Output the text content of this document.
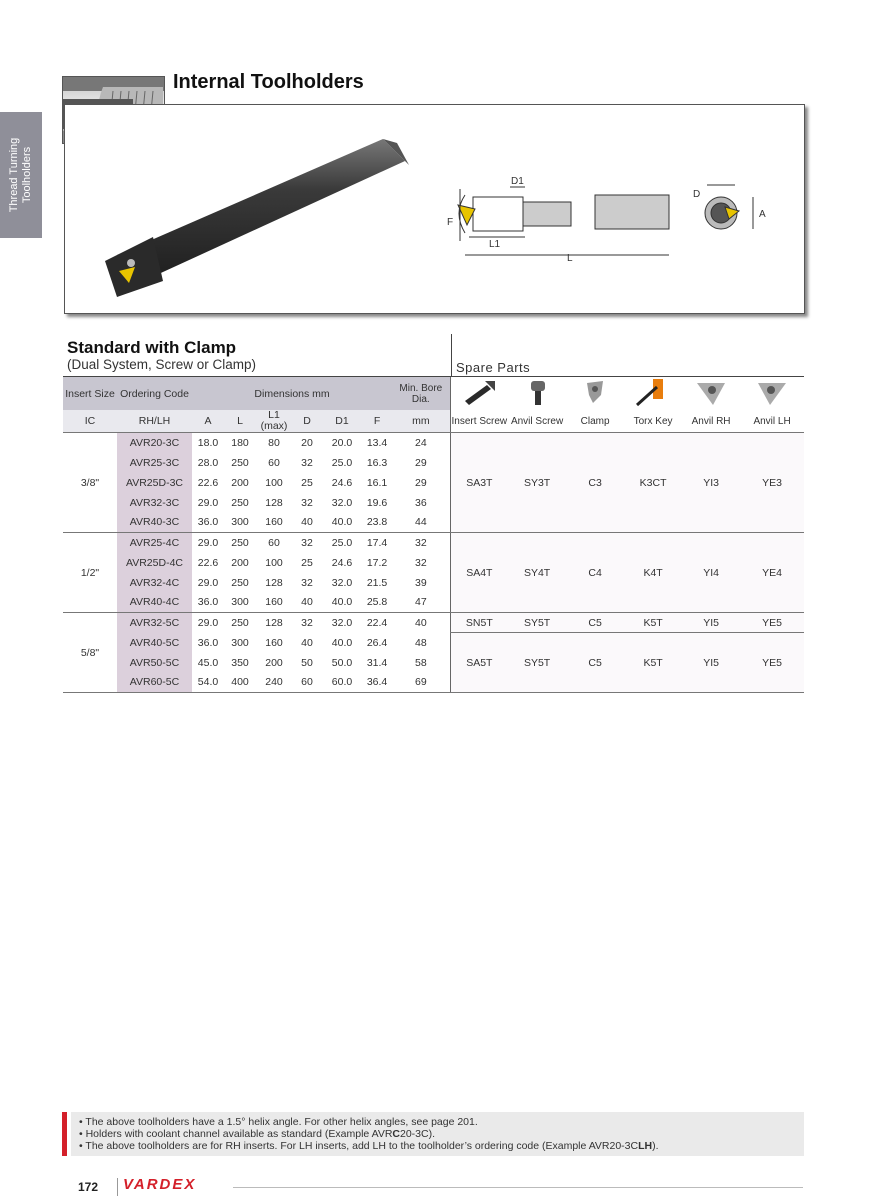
Thread Turning Toolholders
Internal Toolholders
D1
F
L1
L
D
A
Standard with Clamp
(Dual System, Screw or Clamp)	Spare Parts
Insert Size	Ordering Code	Dimensions mm						Min. Bore Dia.						
IC	RH/LH	A	L	L1
(max)	D	D1	F	mm	Insert Screw	Anvil Screw	Clamp	Torx Key	Anvil RH	Anvil LH
3/8"	AVR20-3C	18.0	180	80	20	20.0	13.4	24	SA3T	SY3T	C3	K3CT	YI3	YE3
	AVR25-3C	28.0	250	60	32	25.0	16.3	29						
	AVR25D-3C	22.6	200	100	25	24.6	16.1	29						
	AVR32-3C	29.0	250	128	32	32.0	19.6	36						
	AVR40-3C	36.0	300	160	40	40.0	23.8	44						
1/2"	AVR25-4C	29.0	250	60	32	25.0	17.4	32	SA4T	SY4T	C4	K4T	YI4	YE4
	AVR25D-4C	22.6	200	100	25	24.6	17.2	32						
	AVR32-4C	29.0	250	128	32	32.0	21.5	39						
	AVR40-4C	36.0	300	160	40	40.0	25.8	47						
5/8"	AVR32-5C	29.0	250	128	32	32.0	22.4	40	SN5T	SY5T	C5	K5T	YI5	YE5
	AVR40-5C	36.0	300	160	40	40.0	26.4	48	SA5T	SY5T	C5	K5T	YI5	YE5
	AVR50-5C	45.0	350	200	50	50.0	31.4	58						
	AVR60-5C	54.0	400	240	60	60.0	36.4	69						
• The above toolholders have a 1.5° helix angle. For other helix angles, see page 201.
• Holders with coolant channel available as standard (Example AVRC20-3C).
• The above toolholders are for RH inserts. For LH inserts, add LH to the toolholder’s ordering code (Example AVR20-3CLH).
172 VARDEX
